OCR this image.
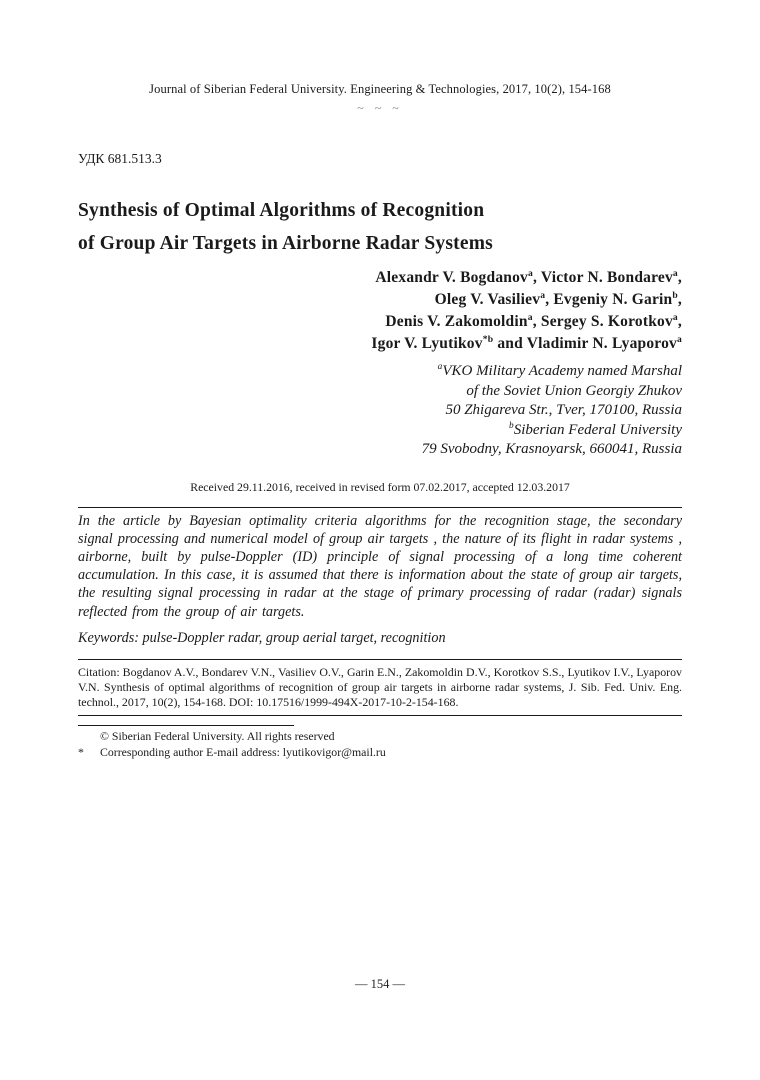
Journal of Siberian Federal University. Engineering & Technologies, 2017, 10(2), 154-168
~ ~ ~
УДК 681.513.3
Synthesis of Optimal Algorithms of Recognition
of Group Air Targets in Airborne Radar Systems
Alexandr V. Bogdanov$^a$, Victor N. Bondarev$^a$,
Oleg V. Vasiliev$^a$, Evgeniy N. Garin$^b$,
Denis V. Zakomoldin$^a$, Sergey S. Korotkov$^a$,
Igor V. Lyutikov$^{*b}$ and Vladimir N. Lyaporov$^a$
$^a$VKO Military Academy named Marshal
of the Soviet Union Georgiy Zhukov
50 Zhigareva Str., Tver, 170100, Russia
$^b$Siberian Federal University
79 Svobodny, Krasnoyarsk, 660041, Russia
Received 29.11.2016, received in revised form 07.02.2017, accepted 12.03.2017

In the article by Bayesian optimality criteria algorithms for the recognition stage, the secondary signal processing and numerical model of group air targets , the nature of its flight in radar systems , airborne, built by pulse-Doppler (ID) principle of signal processing of a long time coherent accumulation. In this case, it is assumed that there is information about the state of group air targets, the resulting signal processing in radar at the stage of primary processing of radar (radar) signals reflected from the group of air targets.

Keywords: pulse-Doppler radar, group aerial target, recognition

Citation: Bogdanov A.V., Bondarev V.N., Vasiliev O.V., Garin E.N., Zakomoldin D.V., Korotkov S.S., Lyutikov I.V., Lyaporov V.N. Synthesis of optimal algorithms of recognition of group air targets in airborne radar systems, J. Sib. Fed. Univ. Eng. technol., 2017, 10(2), 154-168. DOI: 10.17516/1999-494X-2017-10-2-154-168.

© Siberian Federal University. All rights reserved
*	Corresponding author E-mail address: lyutikovigor@mail.ru
— 154 —
